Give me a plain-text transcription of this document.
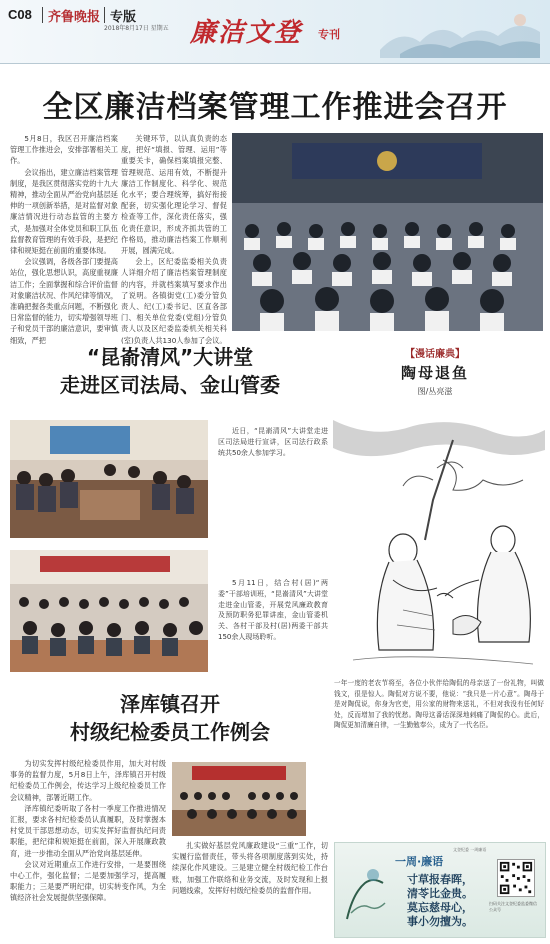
C08 齐鲁晚报 专版
2018年8月17日 星期五 廉洁文登 专刊
全区廉洁档案管理工作推进会召开

5月8日，我区召开廉洁档案管理工作推进会，安排部署相关工作。

会议指出，建立廉洁档案管理制度，是我区贯彻落实党的十九大精神，推动全面从严治党向基层延伸的一项创新举措，是对监督对象廉洁情况进行动态监管的主要方式，是加强对全体党员和职工队伍监督教育管理的有效手段，是把纪律和规矩挺在前面的重要体现。

会议强调，各级各部门要提高站位，强化思想认识，高度重视廉洁工作；全面掌握和综合评价监督对象廉洁状况、作风纪律等情况，准确把握各类重点问题，不断强化日常监督的能力，切实增强领导班子和党员干部的廉洁意识，要审慎细致，严把

关键环节，以认真负责的态度，把好“填报、管理、运用”等重要关卡，确保档案填报完整、管理规范、运用有效，不断提升廉洁工作制度化、科学化、规范化水平；要合理统筹，搞好衔接配套，切实强化理论学习、督促检查等工作，深化责任落实，强化责任意识，形成齐抓共管的工作格局，推动廉洁档案工作顺利开展，圆满完成。

会上，区纪委监委相关负责人详细介绍了廉洁档案管理制度的内容，并就档案填写要求作出了说明。各镇街党(工)委分管负责人、纪(工)委书记、区直各部门、相关单位党委(党组)分管负责人以及区纪委监委机关相关科(室)负责人共130人参加了会议。

“昆嵛清风”大讲堂
走进区司法局、金山管委

近日，“昆嵛清风”大讲堂走进区司法局进行宣讲，区司法行政系统共50余人参加学习。

5月11日，结合村(居)“两委”干部培训班，“昆嵛清风”大讲堂走进金山管委，开展党风廉政教育及预防职务犯罪讲座，金山管委机关、各村干部及村(居)两委干部共150余人现场聆听。

【漫话廉典】
陶母退鱼
图/丛亮滋
一年一度的老农节将至，各位小伙伴给陶侃的母亲送了一份礼物，叫做钱文，很是惊人。陶侃对方说不要，他说：“我只是一片心意”。陶母于是对陶侃说，你身为官吏，用公家的财物来送礼，不但对我没有任何好处，反而增加了我的忧愁。陶母这番话深深地刺痛了陶侃的心。此后，陶侃更加清廉自律，一生勤勉奉公，成为了一代名臣。
泽库镇召开
村级纪检委员工作例会

为切实发挥村级纪检委员作用，加大对村级事务的监督力度，5月8日上午，泽库镇召开村级纪检委员工作例会，传达学习上级纪检委员工作会议精神，部署近期工作。

泽库镇纪委听取了各村一季度工作推进情况汇报，要求各村纪检委员认真履职，及时掌握本村党员干部思想动态，切实发挥好监督执纪问责职能，把纪律和规矩挺在前面，深入开展廉政教育，进一步推动全面从严治党向基层延伸。

会议对近期重点工作进行安排，一是要围绕中心工作，强化监督；二是要加强学习，提高履职能力；三是要严明纪律，切实转变作风，为全镇经济社会发展提供坚强保障。

扎实做好基层党风廉政建设“三重”工作，切实履行监督责任，带头将各项制度落到实处，持续深化作风建设。三是建立健全村级纪检工作台账，加强工作联络和业务交流，及时发现和上报问题线索，发挥好村级纪检委员的监督作用。

文登纪委 一周廉语
一周·廉语
寸草报春晖，
清苓比金贵。
莫忘慈母心，
事小勿擅为。
扫码关注文登纪委监委微信公众号
